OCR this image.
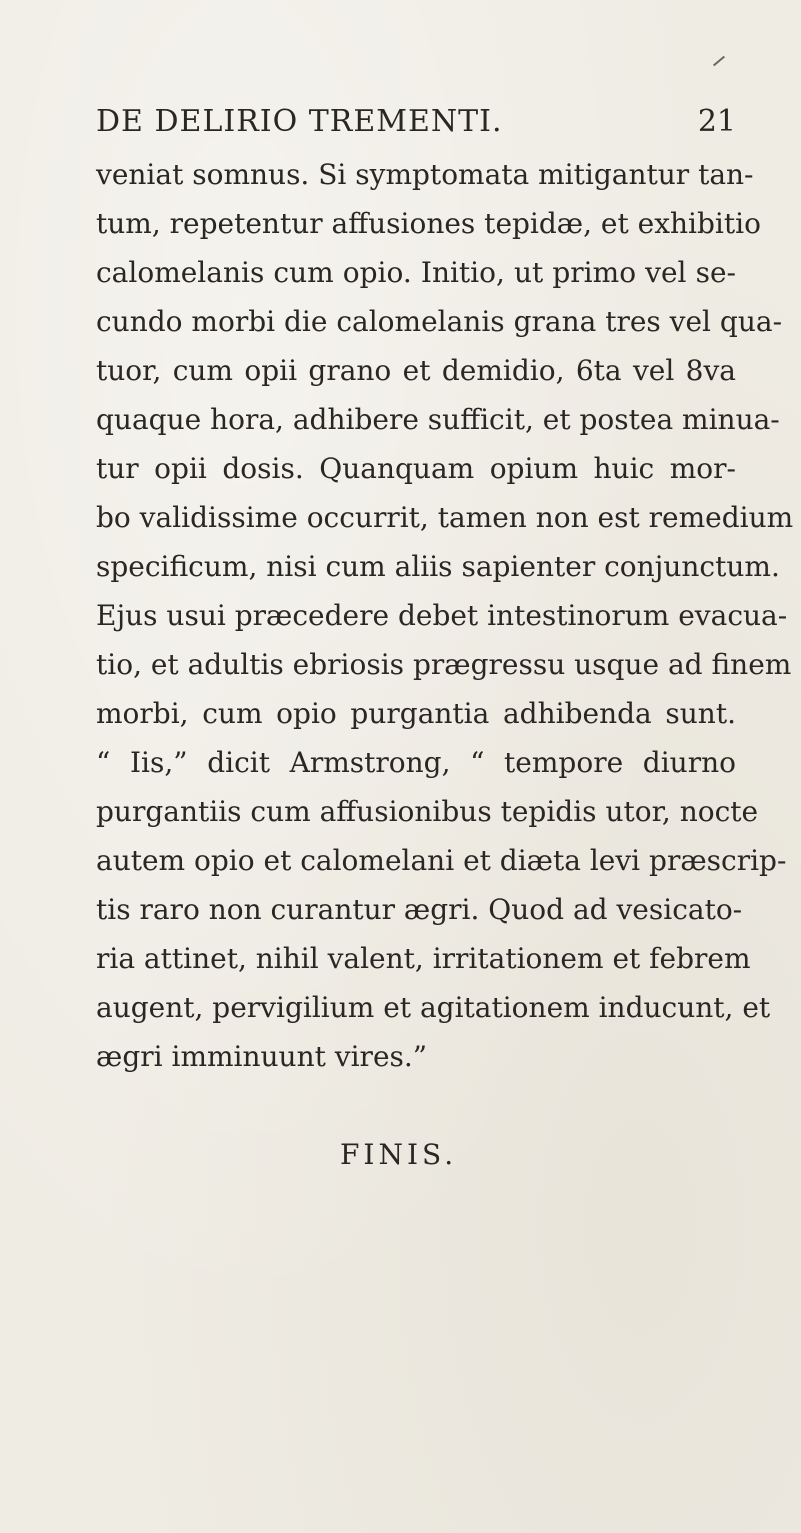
DE DELIRIO TREMENTI.	21
veniat somnus. Si symptomata mitigantur tan-
tum, repetentur affusiones tepidæ, et exhibitio
calomelanis cum opio. Initio, ut primo vel se-
cundo morbi die calomelanis grana tres vel qua-
tuor, cum opii grano et demidio, 6ta vel 8va
quaque hora, adhibere sufficit, et postea minua-
tur opii dosis. Quanquam opium huic mor-
bo validissime occurrit, tamen non est remedium
specificum, nisi cum aliis sapienter conjunctum.
Ejus usui præcedere debet intestinorum evacua-
tio, et adultis ebriosis prægressu usque ad finem
morbi, cum opio purgantia adhibenda sunt.
“ Iis,” dicit Armstrong, “ tempore diurno
purgantiis cum affusionibus tepidis utor, nocte
autem opio et calomelani et diæta levi præscrip-
tis raro non curantur ægri. Quod ad vesicato-
ria attinet, nihil valent, irritationem et febrem
augent, pervigilium et agitationem inducunt, et
ægri imminuunt vires.”
FINIS.
